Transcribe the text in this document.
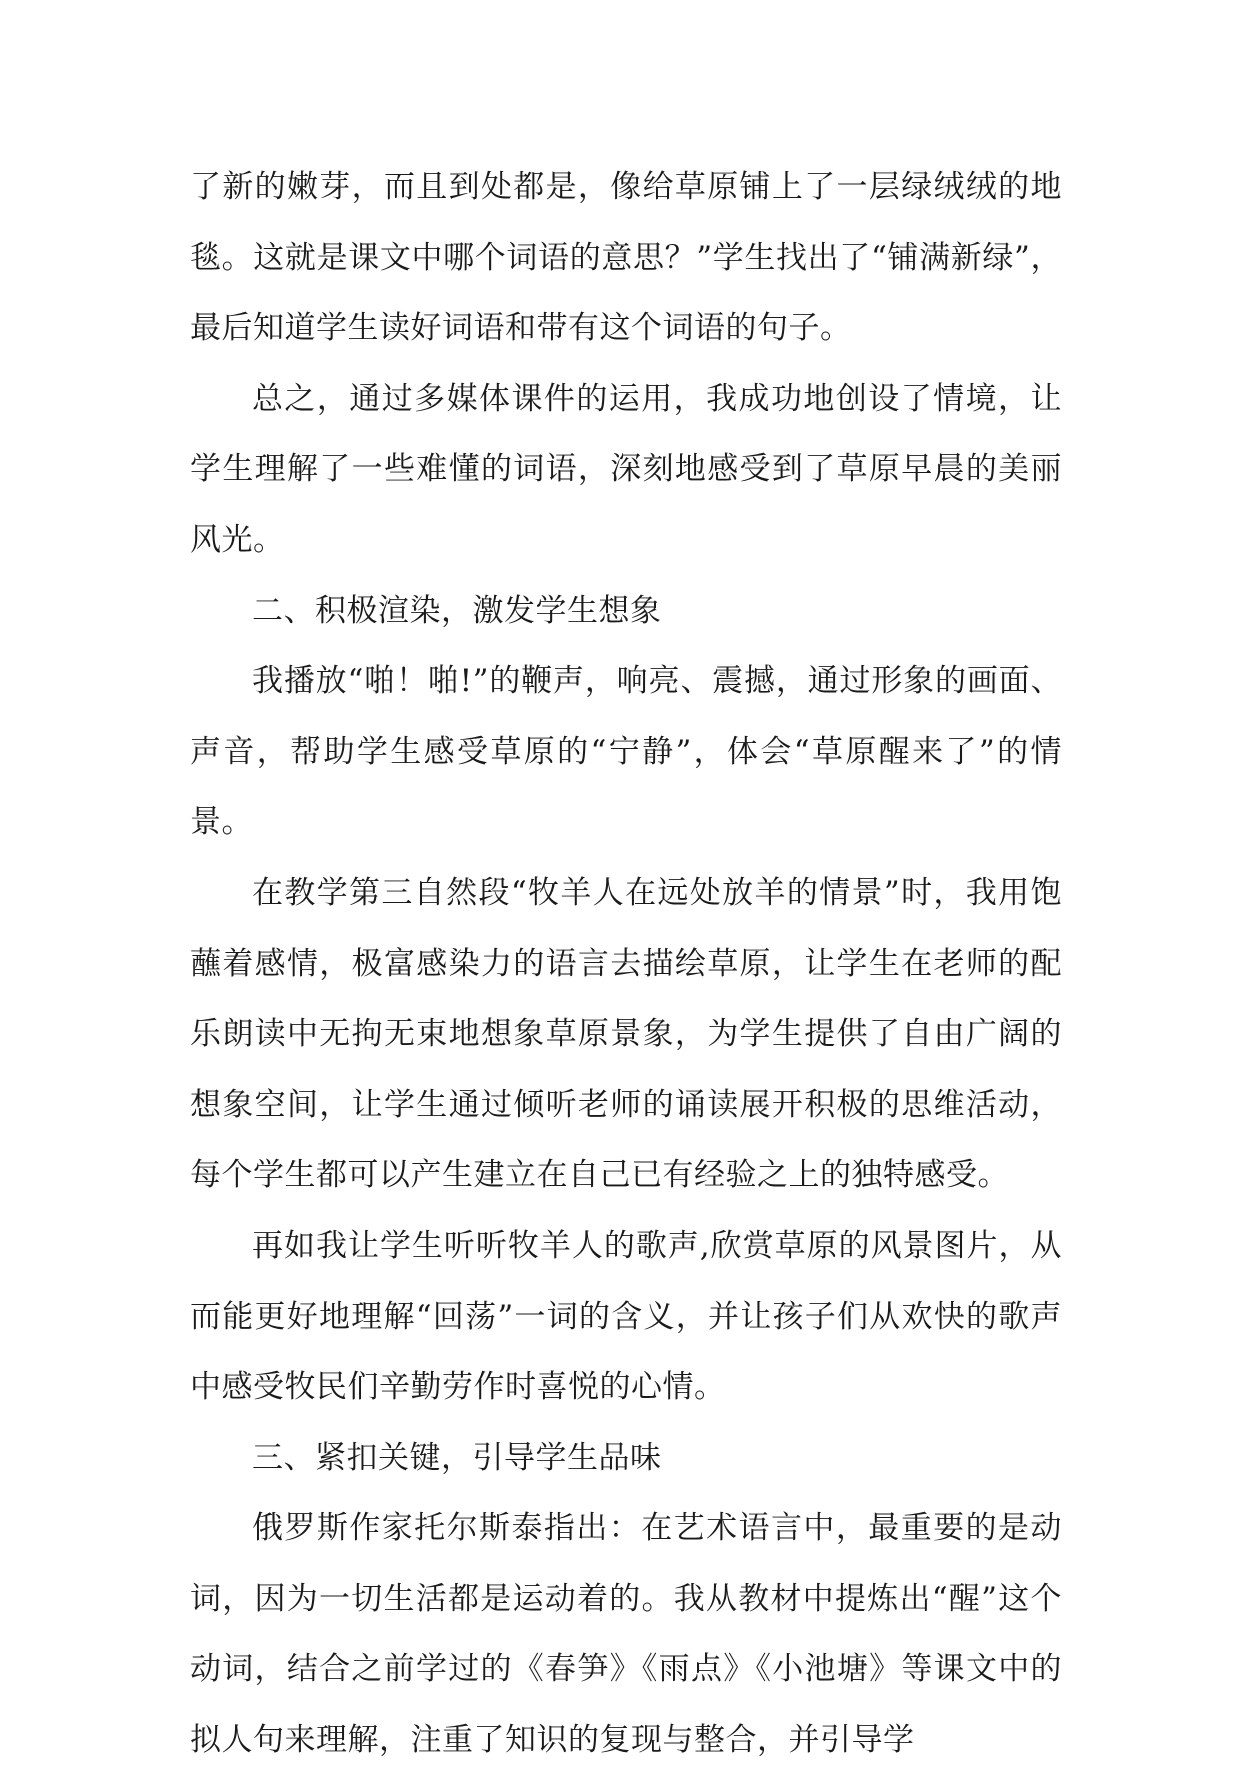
了新的嫩芽，而且到处都是，像给草原铺上了一层绿绒绒的地毯。这就是课文中哪个词语的意思？”学生找出了“铺满新绿”，最后知道学生读好词语和带有这个词语的句子。

总之，通过多媒体课件的运用，我成功地创设了情境，让学生理解了一些难懂的词语，深刻地感受到了草原早晨的美丽风光。

二、积极渲染，激发学生想象

我播放“啪！啪!”的鞭声，响亮、震撼，通过形象的画面、声音，帮助学生感受草原的“宁静”，体会“草原醒来了”的情景。

在教学第三自然段“牧羊人在远处放羊的情景”时，我用饱蘸着感情，极富感染力的语言去描绘草原，让学生在老师的配乐朗读中无拘无束地想象草原景象，为学生提供了自由广阔的想象空间，让学生通过倾听老师的诵读展开积极的思维活动，每个学生都可以产生建立在自己已有经验之上的独特感受。

再如我让学生听听牧羊人的歌声,欣赏草原的风景图片，从而能更好地理解“回荡”一词的含义，并让孩子们从欢快的歌声中感受牧民们辛勤劳作时喜悦的心情。

三、紧扣关键，引导学生品味

俄罗斯作家托尔斯泰指出：在艺术语言中，最重要的是动词，因为一切生活都是运动着的。我从教材中提炼出“醒”这个动词，结合之前学过的《春笋》《雨点》《小池塘》等课文中的拟人句来理解，注重了知识的复现与整合，并引导学
